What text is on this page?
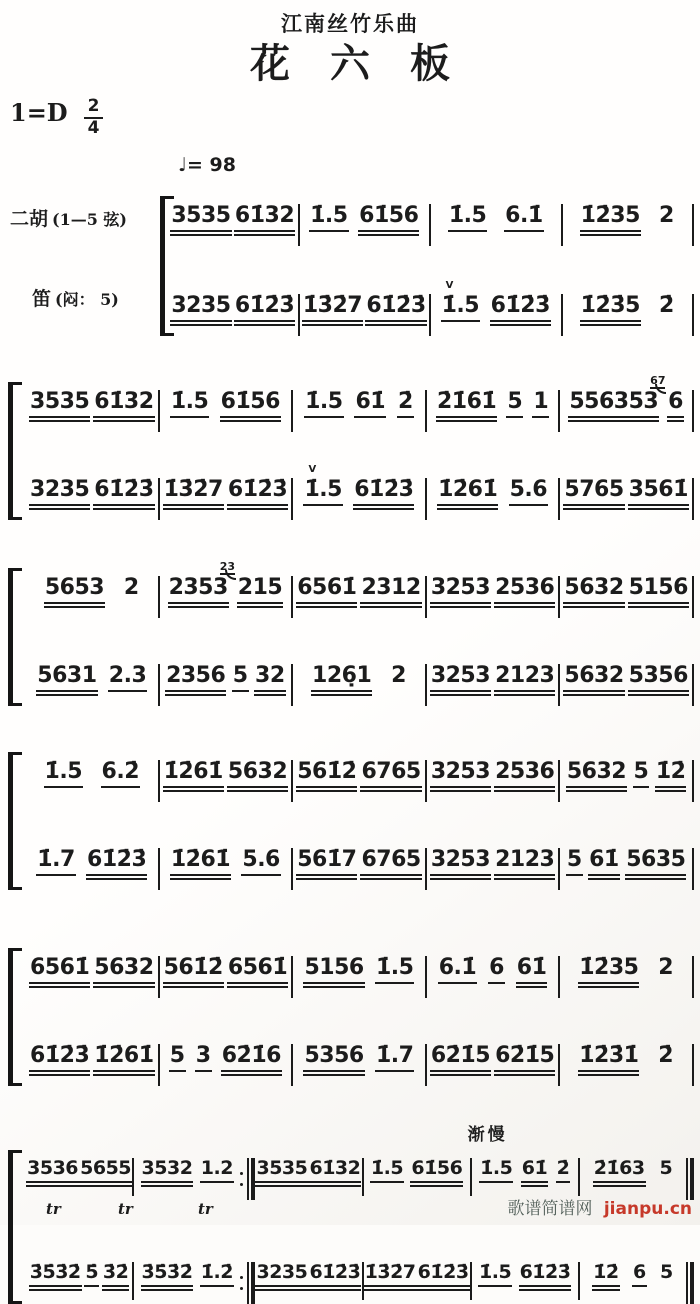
江南丝竹乐曲
花　六　板
$1=D \frac{2}{4}$
♩= 98
二胡 (1—5 弦)
笛 (闷： 5)
3535 61̇32 1̇.5 61̇56 1̇.5 6.1̇ 1̇2̇35 2
3235 61̇2̇3̇ 1̇3̇2̇7 61̇2̇3̇ 1̇.5
V
61̇2̇3̇ 1̇2̇3̇5 2̇
3535 61̇32 1̇.5 61̇56 1̇.5 61̇ 2̇ 2̇1̇61̇ 5 1 556353 6
67
3235 61̇2̇3̇ 1̇3̇2̇7 61̇2̇3̇ 1̇.5
V
61̇2̇3̇ 1̇2̇61̇ 5.6 5765 3561̇
5653 2 2353 215
23
6561̇ 2312 3253 2536 5632 5156
5631 2.3 2356 5 32 126̣1 2 3253 2123 5632 5356
1̇.5 6.2̇ 1̇2̇61̇ 5632 561̇2̇ 6765 3253 2536 5632 5 1̇2̇
1̇.7 61̇2̇3̇ 1̇2̇61̇ 5.6 561̇7 6765 3253 2123 5 61̇ 5635
6561̇ 5632 561̇2̇ 6561̇ 5156 1̇.5 6.1̇ 6 61̇ 1̇2̇35 2
61̇2̇3̇ 1̇2̇61̇ 5 3 62̇1̇6 5356 1̇.7 62̇1̇5 62̇1̇5 1̇2̇3̇1̇ 2̇
渐慢
3536 5655 3532 1.2 3535 61̇32 1̇.5 61̇56 1̇.5 61̇ 2̇ 2̇1̇63 5
3̇5̇3̇2̇ 5̇ 3̇2̇ 3̇5̇3̇2̇ 1̇.2̇ 3235 61̇2̇3̇ 1̇3̇2̇7 61̇2̇3̇ 1̇.5 61̇2̇3̇ 1̇2̇ 6 5
tr	tr	tr	歌谱简谱网 jianpu.cn
